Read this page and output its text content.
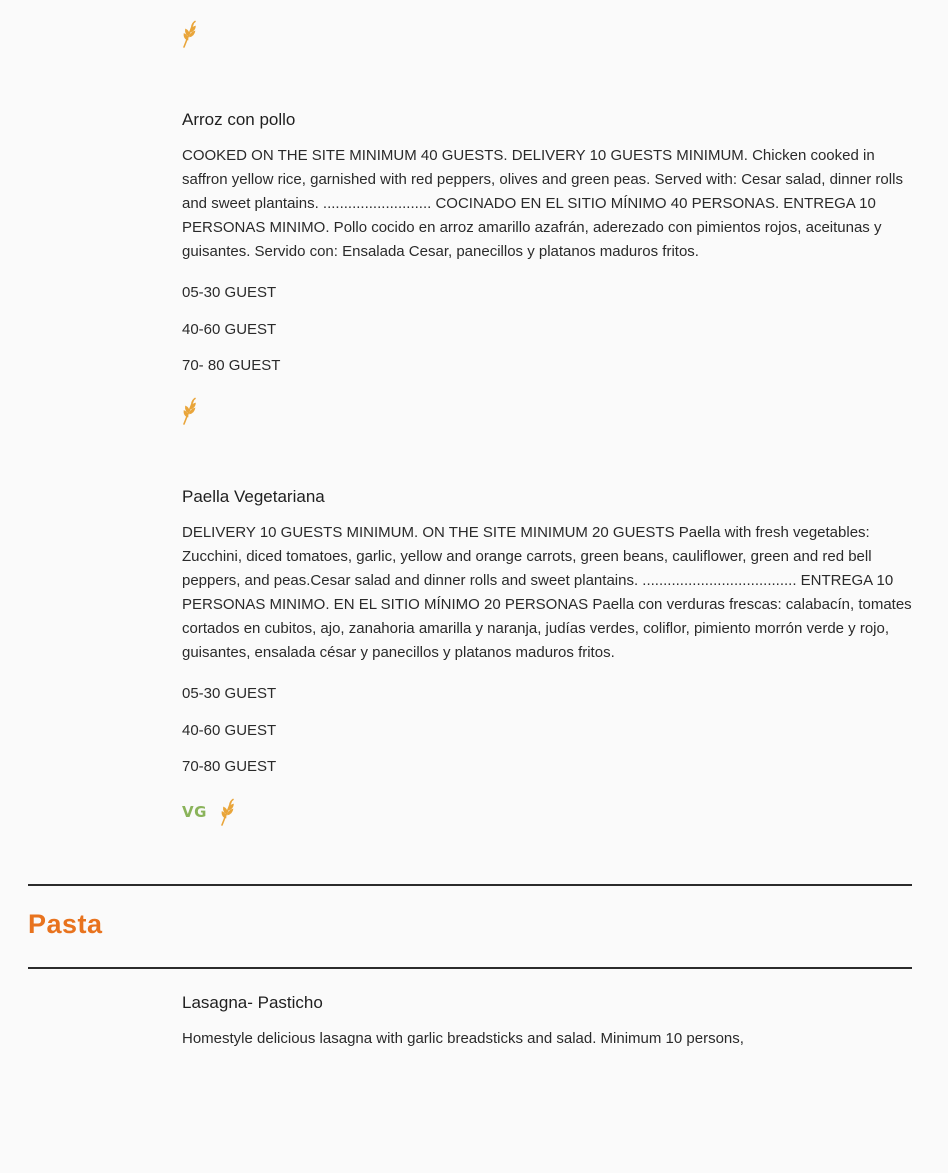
Arroz con pollo
COOKED ON THE SITE MINIMUM 40 GUESTS. DELIVERY 10 GUESTS MINIMUM. Chicken cooked in saffron yellow rice, garnished with red peppers, olives and green peas. Served with: Cesar salad, dinner rolls and sweet plantains. .......................... COCINADO EN EL SITIO MÍNIMO 40 PERSONAS. ENTREGA 10 PERSONAS MINIMO. Pollo cocido en arroz amarillo azafrán, aderezado con pimientos rojos, aceitunas y guisantes. Servido con: Ensalada Cesar, panecillos y platanos maduros fritos.
05-30 GUEST
40-60 GUEST
70- 80 GUEST
Paella Vegetariana
DELIVERY 10 GUESTS MINIMUM. ON THE SITE MINIMUM 20 GUESTS Paella with fresh vegetables: Zucchini, diced tomatoes, garlic, yellow and orange carrots, green beans, cauliflower, green and red bell peppers, and peas.Cesar salad and dinner rolls and sweet plantains. ..................................... ENTREGA 10 PERSONAS MINIMO. EN EL SITIO MÍNIMO 20 PERSONAS Paella con verduras frescas: calabacín, tomates cortados en cubitos, ajo, zanahoria amarilla y naranja, judías verdes, coliflor, pimiento morrón verde y rojo, guisantes, ensalada césar y panecillos y platanos maduros fritos.
05-30 GUEST
40-60 GUEST
70-80 GUEST
VG
Pasta
Lasagna- Pasticho
Homestyle delicious lasagna with garlic breadsticks and salad. Minimum 10 persons,
